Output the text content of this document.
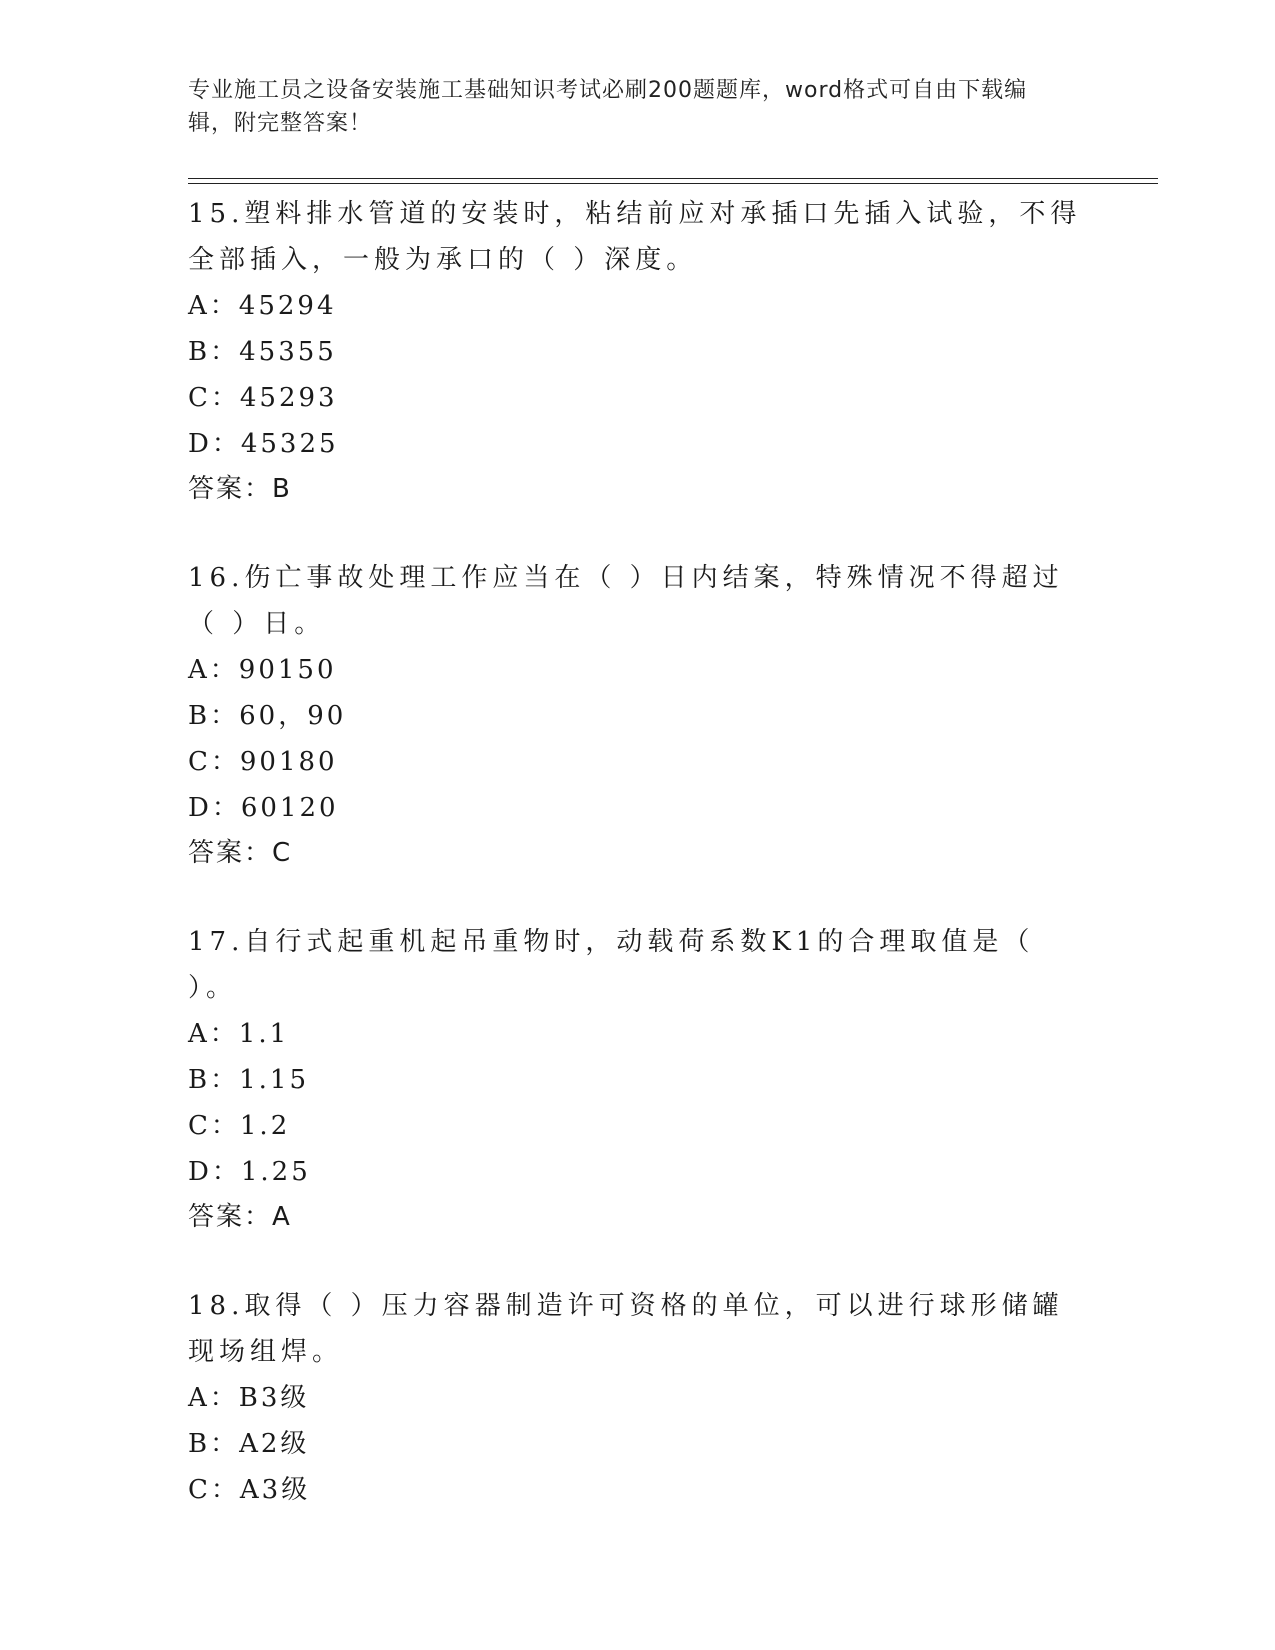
专业施工员之设备安装施工基础知识考试必刷200题题库，word格式可自由下载编辑，附完整答案！

15.塑料排水管道的安装时，粘结前应对承插口先插入试验，不得全部插入，一般为承口的（ ）深度。

A：45294

B：45355

C：45293

D：45325

答案：B

16.伤亡事故处理工作应当在（ ）日内结案，特殊情况不得超过（ ）日。

A：90150

B：60，90

C：90180

D：60120

答案：C

17.自行式起重机起吊重物时，动载荷系数K1的合理取值是（ ）。

A：1.1

B：1.15

C：1.2

D：1.25

答案：A

18.取得（ ）压力容器制造许可资格的单位，可以进行球形储罐现场组焊。

A：B3级

B：A2级

C：A3级
